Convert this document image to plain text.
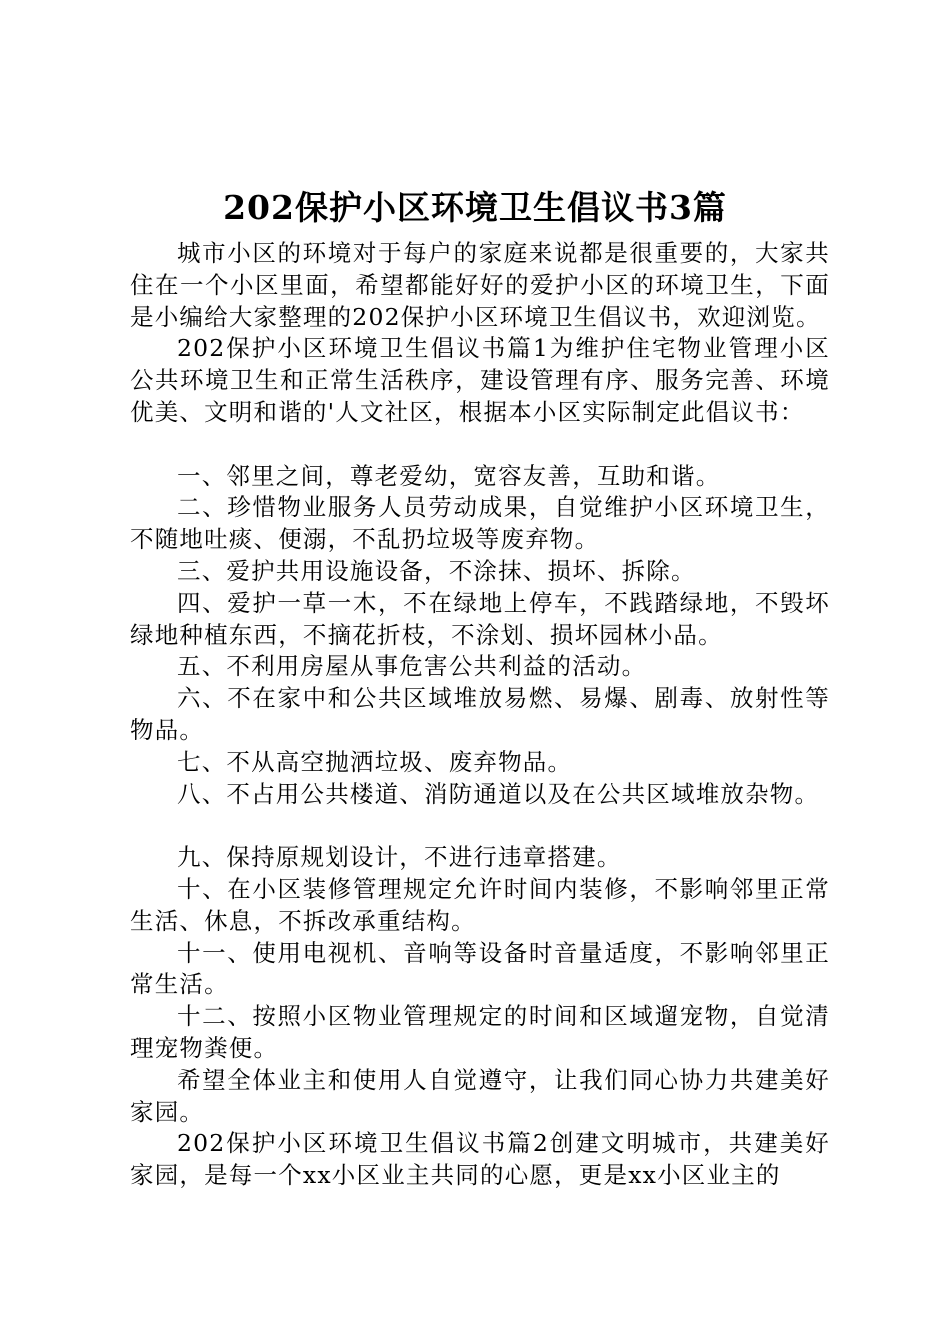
202保护小区环境卫生倡议书3篇

城市小区的环境对于每户的家庭来说都是很重要的，大家共住在一个小区里面，希望都能好好的爱护小区的环境卫生，下面是小编给大家整理的202保护小区环境卫生倡议书，欢迎浏览。

202保护小区环境卫生倡议书篇1为维护住宅物业管理小区公共环境卫生和正常生活秩序，建设管理有序、服务完善、环境优美、文明和谐的'人文社区，根据本小区实际制定此倡议书：

一、邻里之间，尊老爱幼，宽容友善，互助和谐。

二、珍惜物业服务人员劳动成果，自觉维护小区环境卫生，不随地吐痰、便溺，不乱扔垃圾等废弃物。

三、爱护共用设施设备，不涂抹、损坏、拆除。

四、爱护一草一木，不在绿地上停车，不践踏绿地，不毁坏绿地种植东西，不摘花折枝，不涂划、损坏园林小品。

五、不利用房屋从事危害公共利益的活动。

六、不在家中和公共区域堆放易燃、易爆、剧毒、放射性等物品。

七、不从高空抛洒垃圾、废弃物品。

八、不占用公共楼道、消防通道以及在公共区域堆放杂物。

九、保持原规划设计，不进行违章搭建。

十、在小区装修管理规定允许时间内装修，不影响邻里正常生活、休息，不拆改承重结构。

十一、使用电视机、音响等设备时音量适度，不影响邻里正常生活。

十二、按照小区物业管理规定的时间和区域遛宠物，自觉清理宠物粪便。

希望全体业主和使用人自觉遵守，让我们同心协力共建美好家园。

202保护小区环境卫生倡议书篇2创建文明城市，共建美好家园，是每一个xx小区业主共同的心愿，更是xx小区业主的
